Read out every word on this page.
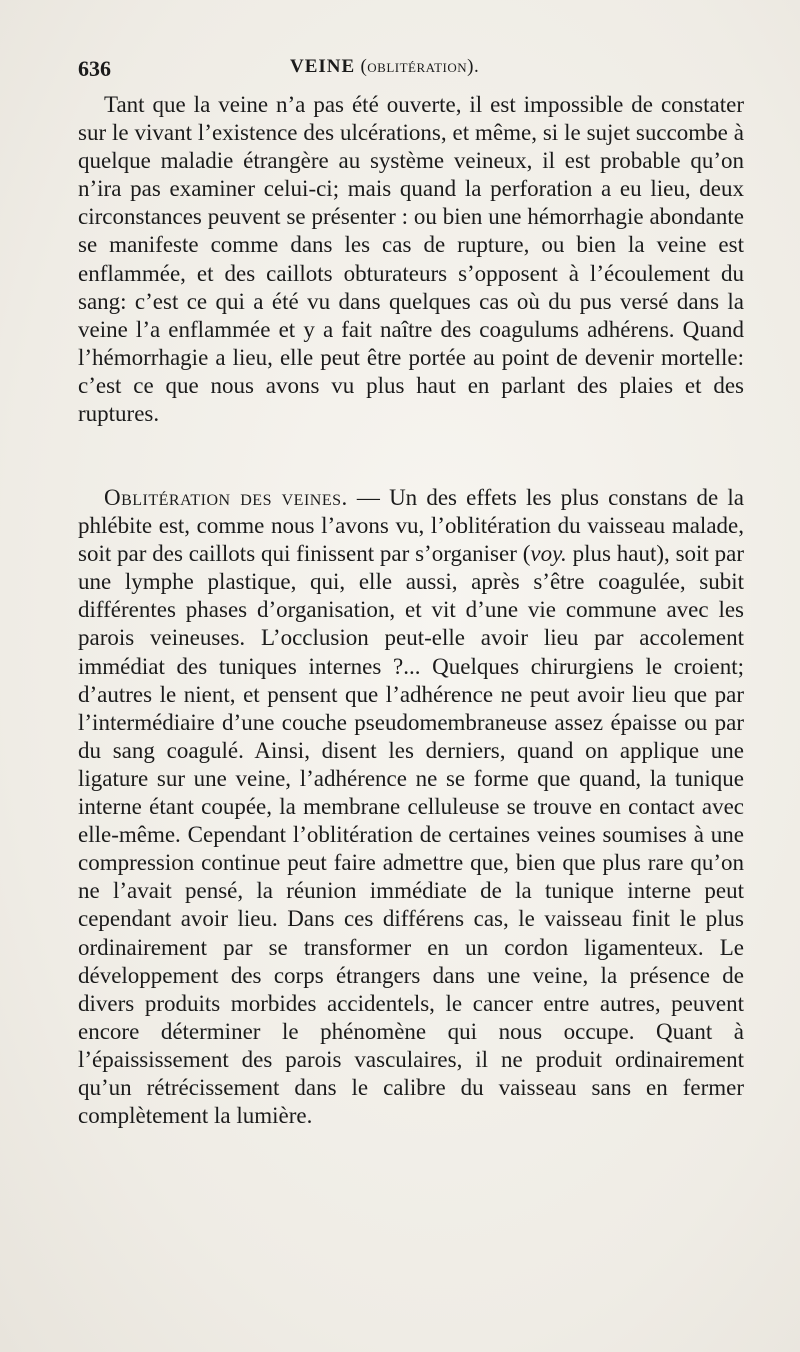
636	VEINE (oblitération).

Tant que la veine n’a pas été ouverte, il est impossible de constater sur le vivant l’existence des ulcérations, et même, si le sujet succombe à quelque maladie étrangère au système veineux, il est probable qu’on n’ira pas examiner celui-ci; mais quand la perforation a eu lieu, deux circonstances peuvent se présenter : ou bien une hémorrhagie abondante se manifeste comme dans les cas de rupture, ou bien la veine est enflammée, et des caillots obturateurs s’opposent à l’écoulement du sang: c’est ce qui a été vu dans quelques cas où du pus versé dans la veine l’a enflammée et y a fait naître des coagulums adhérens. Quand l’hémorrhagie a lieu, elle peut être portée au point de devenir mortelle: c’est ce que nous avons vu plus haut en parlant des plaies et des ruptures.

Oblitération des veines. — Un des effets les plus constans de la phlébite est, comme nous l’avons vu, l’oblitération du vaisseau malade, soit par des caillots qui finissent par s’organiser (voy. plus haut), soit par une lymphe plastique, qui, elle aussi, après s’être coagulée, subit différentes phases d’organisation, et vit d’une vie commune avec les parois veineuses. L’occlusion peut-elle avoir lieu par accolement immédiat des tuniques internes ?... Quelques chirurgiens le croient; d’autres le nient, et pensent que l’adhérence ne peut avoir lieu que par l’intermédiaire d’une couche pseudomembraneuse assez épaisse ou par du sang coagulé. Ainsi, disent les derniers, quand on applique une ligature sur une veine, l’adhérence ne se forme que quand, la tunique interne étant coupée, la membrane celluleuse se trouve en contact avec elle-même. Cependant l’oblitération de certaines veines soumises à une compression continue peut faire admettre que, bien que plus rare qu’on ne l’avait pensé, la réunion immédiate de la tunique interne peut cependant avoir lieu. Dans ces différens cas, le vaisseau finit le plus ordinairement par se transformer en un cordon ligamenteux. Le développement des corps étrangers dans une veine, la présence de divers produits morbides accidentels, le cancer entre autres, peuvent encore déterminer le phénomène qui nous occupe. Quant à l’épaississement des parois vasculaires, il ne produit ordinairement qu’un rétrécissement dans le calibre du vaisseau sans en fermer complètement la lumière.
